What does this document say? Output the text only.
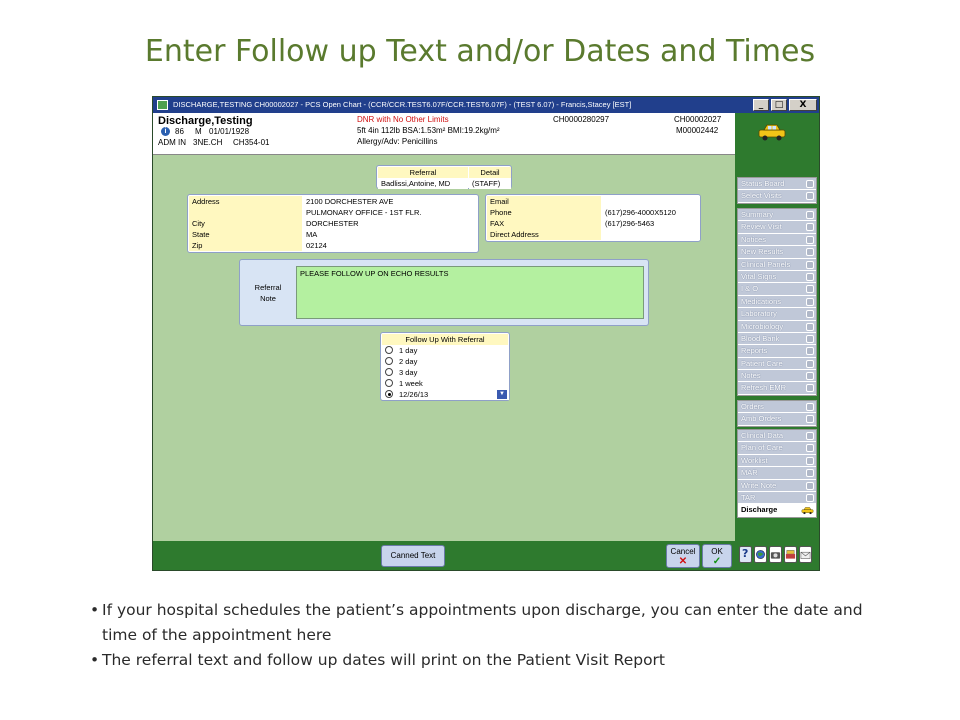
Enter Follow up Text and/or Dates and Times
DISCHARGE,TESTING CH00002027 - PCS Open Chart - (CCR/CCR.TEST6.07F/CCR.TEST6.07F) - (TEST 6.07) - Francis,Stacey [EST]	_	□	X
Discharge,Testing
i	86 M 01/01/1928
ADM IN 3NE.CH CH354-01
DNR with No Other Limits
5ft 4in 112lb BSA:1.53m² BMI:19.2kg/m²
Allergy/Adv: Penicillins
CH0000280297	CH00002027
M00002442
Referral	Detail
Badlissi,Antoine, MD	(STAFF)
Address	2100 DORCHESTER AVE
PULMONARY OFFICE - 1ST FLR.
City	DORCHESTER
State	MA
Zip	02124
Email
Phone	(617)296-4000X5120
FAX	(617)296-5463
Direct Address
Referral
Note
PLEASE FOLLOW UP ON ECHO RESULTS
Follow Up With Referral
1 day
2 day
3 day
1 week
12/26/13	▼
Status Board
Select Visits
Summary
Review Visit
Notices
New Results
Clinical Panels
Vital Signs
I & O
Medications
Laboratory
Microbiology
Blood Bank
Reports
Patient Care
Notes
Refresh EMR
Orders
Amb Orders
Clinical Data
Plan of Care
Worklist
MAR
Write Note
TAR
Discharge
Canned Text	Cancel
✕
OK
✓
?
• If your hospital schedules the patient’s appointments upon discharge, you can enter the date and time of the appointment here
• The referral text and follow up dates will print on the Patient Visit Report
